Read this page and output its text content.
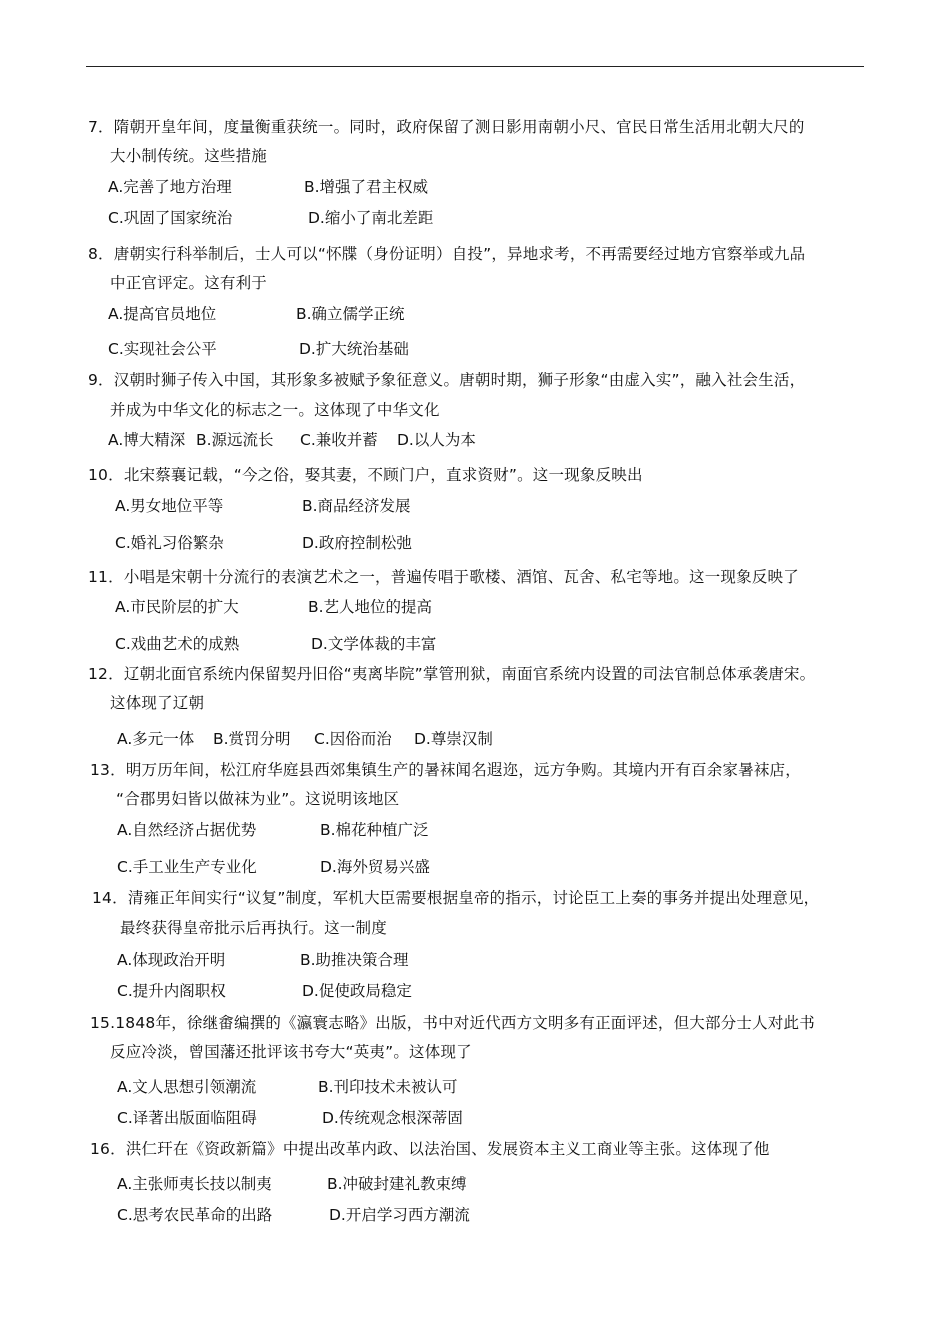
7．隋朝开皇年间，度量衡重获统一。同时，政府保留了测日影用南朝小尺、官民日常生活用北朝大尺的
大小制传统。这些措施
A.完善了地方治理	B.增强了君主权威
C.巩固了国家统治	D.缩小了南北差距
8．唐朝实行科举制后，士人可以“怀牒（身份证明）自投”，异地求考，不再需要经过地方官察举或九品
中正官评定。这有利于
A.提高官员地位	B.确立儒学正统
C.实现社会公平	D.扩大统治基础
9．汉朝时狮子传入中国，其形象多被赋予象征意义。唐朝时期，狮子形象“由虚入实”，融入社会生活，
并成为中华文化的标志之一。这体现了中华文化
A.博大精深 B.源远流长 C.兼收并蓄 D.以人为本
10．北宋蔡襄记载，“今之俗，娶其妻，不顾门户，直求资财”。这一现象反映出
A.男女地位平等	B.商品经济发展
C.婚礼习俗繁杂	D.政府控制松弛
11．小唱是宋朝十分流行的表演艺术之一，普遍传唱于歌楼、酒馆、瓦舍、私宅等地。这一现象反映了
A.市民阶层的扩大	B.艺人地位的提高
C.戏曲艺术的成熟	D.文学体裁的丰富
12．辽朝北面官系统内保留契丹旧俗“夷离毕院”掌管刑狱，南面官系统内设置的司法官制总体承袭唐宋。
这体现了辽朝
A.多元一体 B.赏罚分明 C.因俗而治 D.尊崇汉制
13．明万历年间，松江府华庭县西郊集镇生产的暑袜闻名遐迩，远方争购。其境内开有百余家暑袜店，
“合郡男妇皆以做袜为业”。这说明该地区
A.自然经济占据优势	B.棉花种植广泛
C.手工业生产专业化	D.海外贸易兴盛
14．清雍正年间实行“议复”制度，军机大臣需要根据皇帝的指示，讨论臣工上奏的事务并提出处理意见，
最终获得皇帝批示后再执行。这一制度
A.体现政治开明	B.助推决策合理
C.提升内阁职权	D.促使政局稳定
15.1848年，徐继畬编撰的《瀛寰志略》出版，书中对近代西方文明多有正面评述，但大部分士人对此书
反应冷淡，曾国藩还批评该书夸大“英夷”。这体现了
A.文人思想引领潮流	B.刊印技术未被认可
C.译著出版面临阻碍	D.传统观念根深蒂固
16．洪仁玕在《资政新篇》中提出改革内政、以法治国、发展资本主义工商业等主张。这体现了他
A.主张师夷长技以制夷	B.冲破封建礼教束缚
C.思考农民革命的出路	D.开启学习西方潮流
